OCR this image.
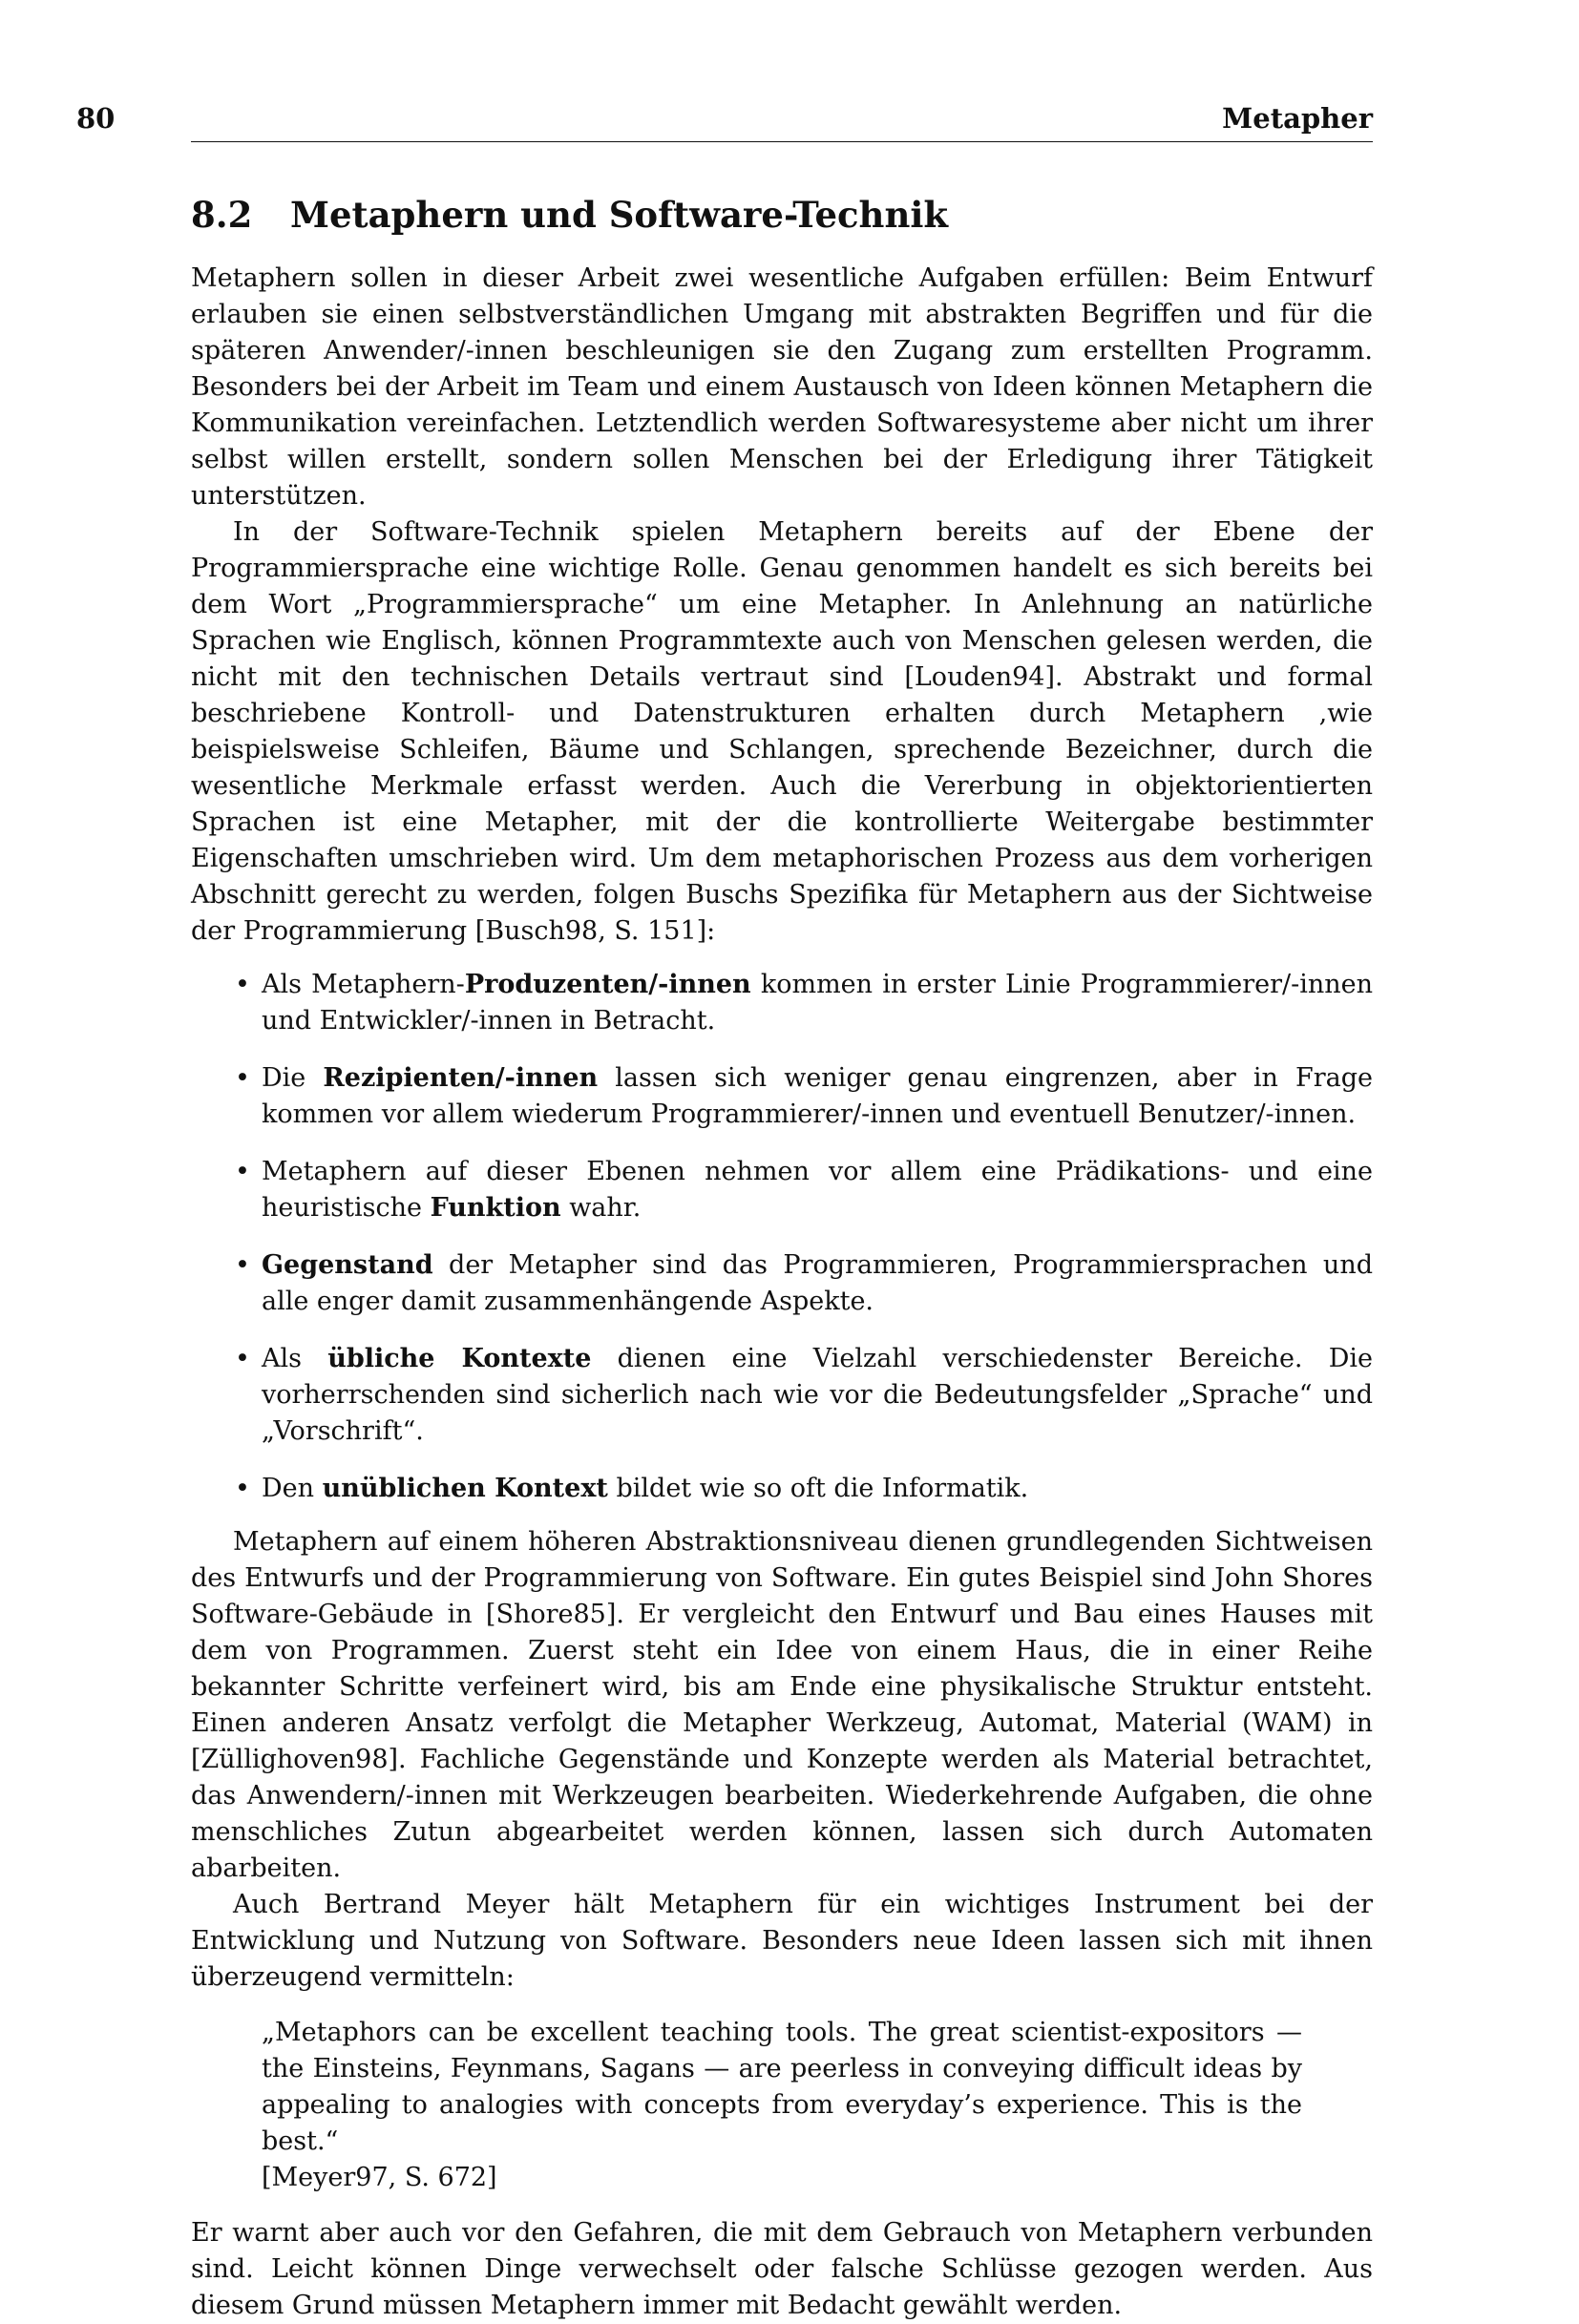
80	Metapher
8.2 Metaphern und Software-Technik

Metaphern sollen in dieser Arbeit zwei wesentliche Aufgaben erfüllen: Beim Entwurf erlauben sie einen selbstverständlichen Umgang mit abstrakten Begriffen und für die späteren Anwender/-innen beschleunigen sie den Zugang zum erstellten Programm. Besonders bei der Arbeit im Team und einem Austausch von Ideen können Metaphern die Kommunikation vereinfachen. Letztendlich werden Softwaresysteme aber nicht um ihrer selbst willen erstellt, sondern sollen Menschen bei der Erledigung ihrer Tätigkeit unterstützen.

In der Software-Technik spielen Metaphern bereits auf der Ebene der Programmiersprache eine wichtige Rolle. Genau genommen handelt es sich bereits bei dem Wort „Programmiersprache“ um eine Metapher. In Anlehnung an natürliche Sprachen wie Englisch, können Programmtexte auch von Menschen gelesen werden, die nicht mit den technischen Details vertraut sind [Louden94]. Abstrakt und formal beschriebene Kontroll- und Datenstrukturen erhalten durch Metaphern ,wie beispielsweise Schleifen, Bäume und Schlangen, sprechende Bezeichner, durch die wesentliche Merkmale erfasst werden. Auch die Vererbung in objektorientierten Sprachen ist eine Metapher, mit der die kontrollierte Weitergabe bestimmter Eigenschaften umschrieben wird. Um dem metaphorischen Prozess aus dem vorherigen Abschnitt gerecht zu werden, folgen Buschs Spezifika für Metaphern aus der Sichtweise der Programmierung [Busch98, S. 151]:

• Als Metaphern-Produzenten/-innen kommen in erster Linie Programmierer/-innen und Entwickler/-innen in Betracht.
• Die Rezipienten/-innen lassen sich weniger genau eingrenzen, aber in Frage kommen vor allem wiederum Programmierer/-innen und eventuell Benutzer/-innen.
• Metaphern auf dieser Ebenen nehmen vor allem eine Prädikations- und eine heuristische Funktion wahr.
• Gegenstand der Metapher sind das Programmieren, Programmiersprachen und alle enger damit zusammenhängende Aspekte.
• Als übliche Kontexte dienen eine Vielzahl verschiedenster Bereiche. Die vorherrschenden sind sicherlich nach wie vor die Bedeutungsfelder „Sprache“ und „Vorschrift“.
• Den unüblichen Kontext bildet wie so oft die Informatik.

Metaphern auf einem höheren Abstraktionsniveau dienen grundlegenden Sichtweisen des Entwurfs und der Programmierung von Software. Ein gutes Beispiel sind John Shores Software-Gebäude in [Shore85]. Er vergleicht den Entwurf und Bau eines Hauses mit dem von Programmen. Zuerst steht ein Idee von einem Haus, die in einer Reihe bekannter Schritte verfeinert wird, bis am Ende eine physikalische Struktur entsteht. Einen anderen Ansatz verfolgt die Metapher Werkzeug, Automat, Material (WAM) in [Züllighoven98]. Fachliche Gegenstände und Konzepte werden als Material betrachtet, das Anwendern/-innen mit Werkzeugen bearbeiten. Wiederkehrende Aufgaben, die ohne menschliches Zutun abgearbeitet werden können, lassen sich durch Automaten abarbeiten.

Auch Bertrand Meyer hält Metaphern für ein wichtiges Instrument bei der Entwicklung und Nutzung von Software. Besonders neue Ideen lassen sich mit ihnen überzeugend vermitteln:

„Metaphors can be excellent teaching tools. The great scientist-expositors — the Einsteins, Feynmans, Sagans — are peerless in conveying difficult ideas by appealing to analogies with concepts from everyday’s experience. This is the best.“
[Meyer97, S. 672]

Er warnt aber auch vor den Gefahren, die mit dem Gebrauch von Metaphern verbunden sind. Leicht können Dinge verwechselt oder falsche Schlüsse gezogen werden. Aus diesem Grund müssen Metaphern immer mit Bedacht gewählt werden.
